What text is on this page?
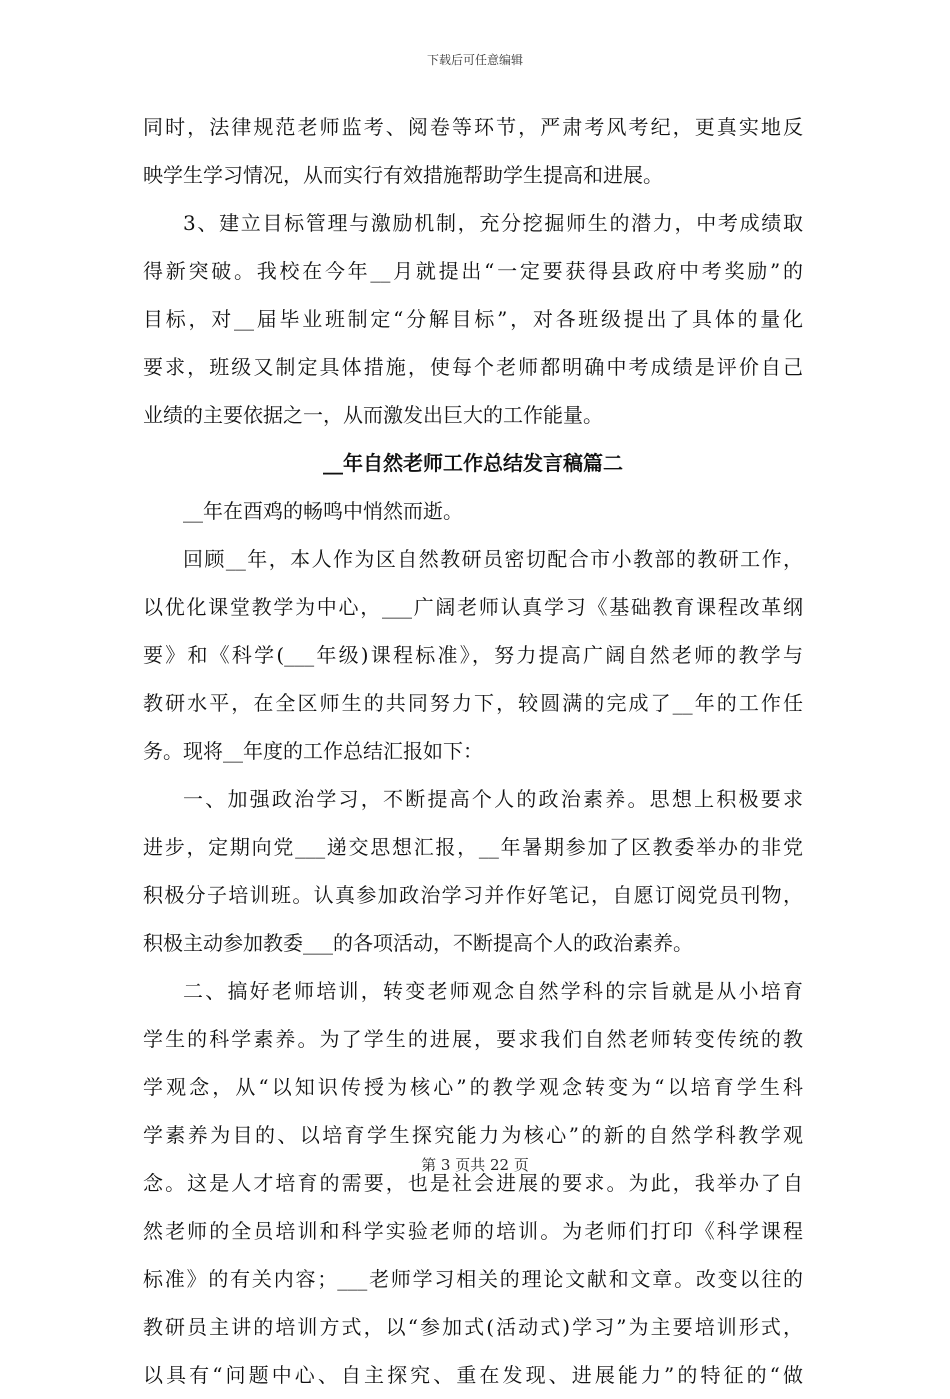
下载后可任意编辑
同时，法律规范老师监考、阅卷等环节，严肃考风考纪，更真实地反
映学生学习情况，从而实行有效措施帮助学生提高和进展。
3、建立目标管理与激励机制，充分挖掘师生的潜力，中考成绩取
得新突破。我校在今年__月就提出“一定要获得县政府中考奖励”的
目标，对__届毕业班制定“分解目标”，对各班级提出了具体的量化
要求，班级又制定具体措施，使每个老师都明确中考成绩是评价自己
业绩的主要依据之一，从而激发出巨大的工作能量。
__年自然老师工作总结发言稿篇二
__年在酉鸡的畅鸣中悄然而逝。
回顾__年，本人作为区自然教研员密切配合市小教部的教研工作，
以优化课堂教学为中心，___广阔老师认真学习《基础教育课程改革纲
要》和《科学(___年级)课程标准》，努力提高广阔自然老师的教学与
教研水平，在全区师生的共同努力下，较圆满的完成了__年的工作任
务。现将__年度的工作总结汇报如下：
一、加强政治学习，不断提高个人的政治素养。思想上积极要求
进步，定期向党___递交思想汇报，__年暑期参加了区教委举办的非党
积极分子培训班。认真参加政治学习并作好笔记，自愿订阅党员刊物，
积极主动参加教委___的各项活动，不断提高个人的政治素养。
二、搞好老师培训，转变老师观念自然学科的宗旨就是从小培育
学生的科学素养。为了学生的进展，要求我们自然老师转变传统的教
学观念，从“以知识传授为核心”的教学观念转变为“以培育学生科
学素养为目的、以培育学生探究能力为核心”的新的自然学科教学观
念。这是人才培育的需要，也是社会进展的要求。为此，我举办了自
然老师的全员培训和科学实验老师的培训。为老师们打印《科学课程
标准》的有关内容；___老师学习相关的理论文献和文章。改变以往的
教研员主讲的培训方式，以“参加式(活动式)学习”为主要培训形式，
以具有“问题中心、自主探究、重在发现、进展能力”的特征的“做
第 3 页共 22 页
